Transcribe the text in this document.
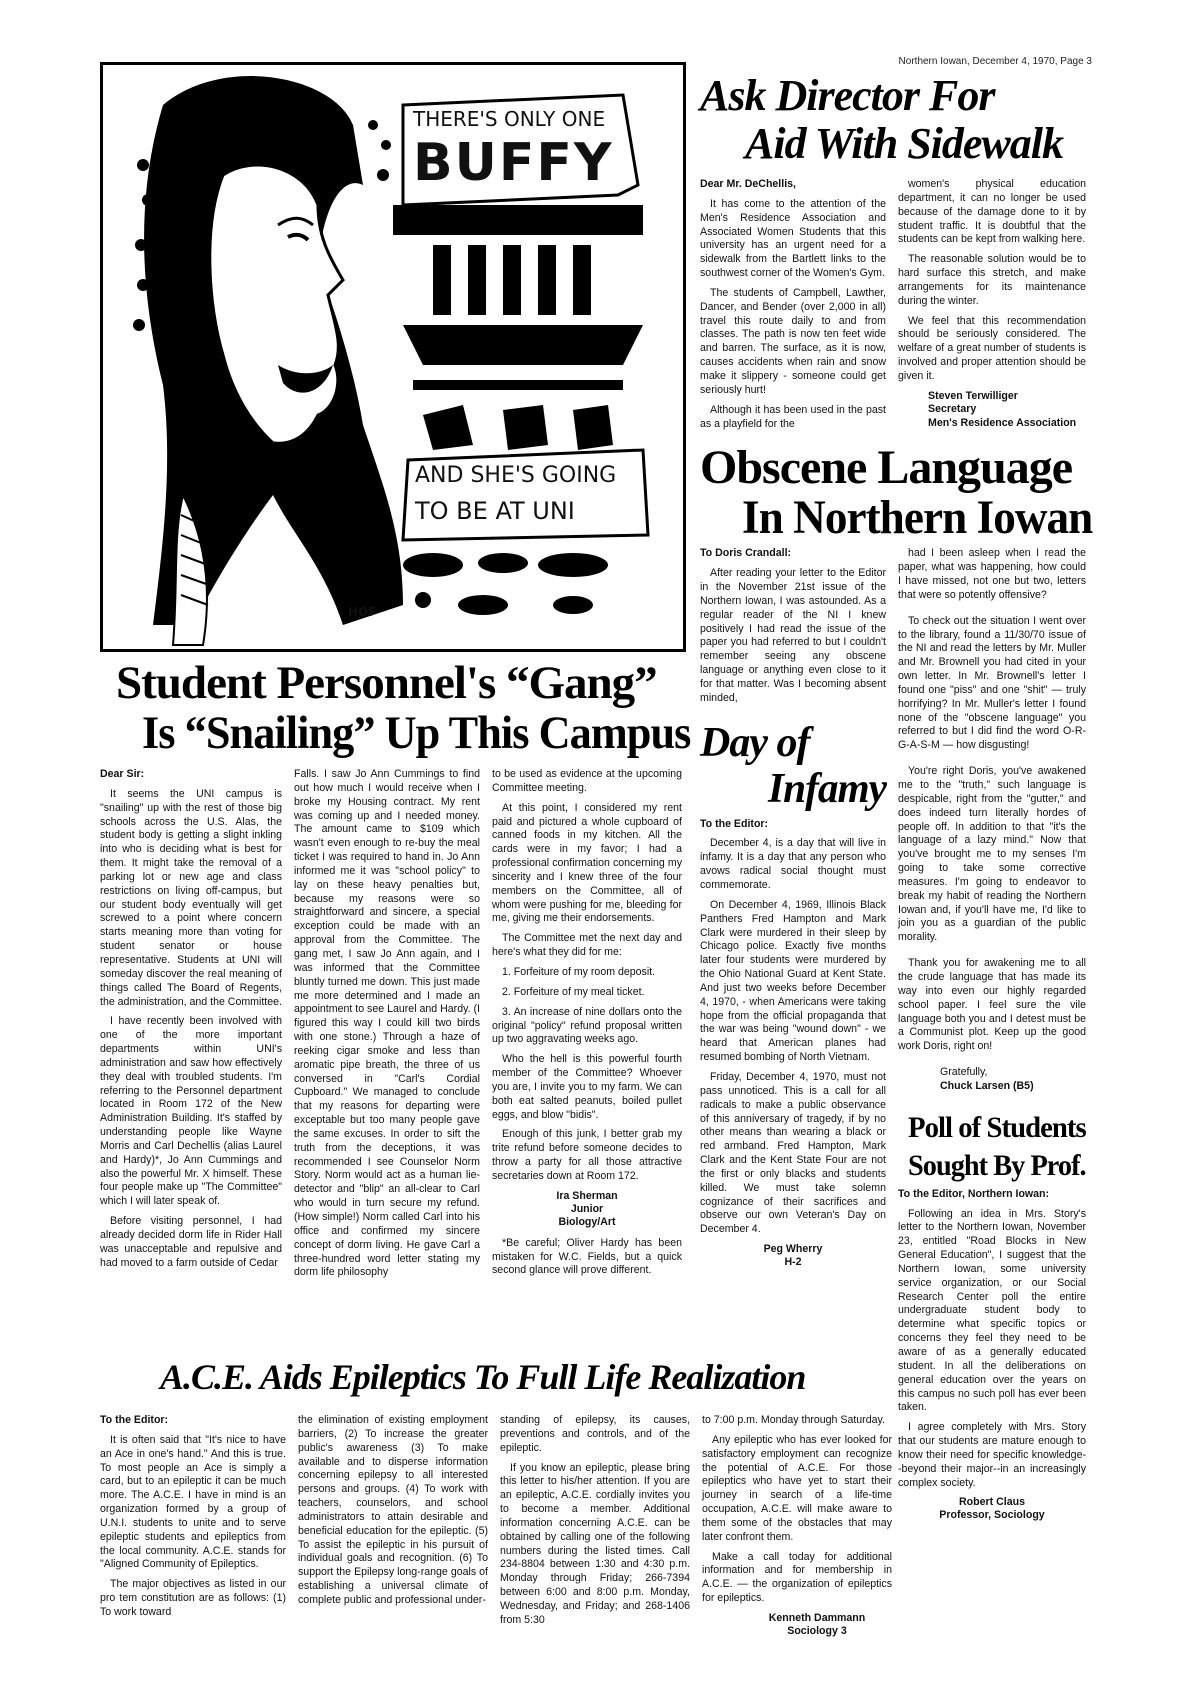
Northern Iowan, December 4, 1970, Page 3
THERE'S ONLY ONE
BUFFY
AND SHE'S GOING
TO BE AT UNI
HOF
Student Personnel's “Gang”
Is “Snailing” Up This Campus

Dear Sir:

It seems the UNI campus is "snailing" up with the rest of those big schools across the U.S. Alas, the student body is getting a slight inkling into who is deciding what is best for them. It might take the removal of a parking lot or new age and class restrictions on living off-campus, but our student body eventually will get screwed to a point where concern starts meaning more than voting for student senator or house representative. Students at UNI will someday discover the real meaning of things called The Board of Regents, the administration, and the Committee.

I have recently been involved with one of the more important departments within UNI's administration and saw how effectively they deal with troubled students. I'm referring to the Personnel department located in Room 172 of the New Administration Building. It's staffed by understanding people like Wayne Morris and Carl Dechellis (alias Laurel and Hardy)*, Jo Ann Cummings and also the powerful Mr. X himself. These four people make up "The Committee" which I will later speak of.

Before visiting personnel, I had already decided dorm life in Rider Hall was unacceptable and repulsive and had moved to a farm outside of Cedar

Falls. I saw Jo Ann Cummings to find out how much I would receive when I broke my Housing contract. My rent was coming up and I needed money. The amount came to $109 which wasn't even enough to re-buy the meal ticket I was required to hand in. Jo Ann informed me it was "school policy" to lay on these heavy penalties but, because my reasons were so straightforward and sincere, a special exception could be made with an approval from the Committee. The gang met, I saw Jo Ann again, and I was informed that the Committee bluntly turned me down. This just made me more determined and I made an appointment to see Laurel and Hardy. (I figured this way I could kill two birds with one stone.) Through a haze of reeking cigar smoke and less than aromatic pipe breath, the three of us conversed in "Carl's Cordial Cupboard." We managed to conclude that my reasons for departing were exceptable but too many people gave the same excuses. In order to sift the truth from the deceptions, it was recommended I see Counselor Norm Story. Norm would act as a human lie-detector and "blip" an all-clear to Carl who would in turn secure my refund. (How simple!) Norm called Carl into his office and confirmed my sincere concept of dorm living. He gave Carl a three-hundred word letter stating my dorm life philosophy

to be used as evidence at the upcoming Committee meeting.

At this point, I considered my rent paid and pictured a whole cupboard of canned foods in my kitchen. All the cards were in my favor; I had a professional confirmation concerning my sincerity and I knew three of the four members on the Committee, all of whom were pushing for me, bleeding for me, giving me their endorsements.

The Committee met the next day and here's what they did for me:

1. Forfeiture of my room deposit.

2. Forfeiture of my meal ticket.

3. An increase of nine dollars onto the original "policy" refund proposal written up two aggravating weeks ago.

Who the hell is this powerful fourth member of the Committee? Whoever you are, I invite you to my farm. We can both eat salted peanuts, boiled pullet eggs, and blow "bidis".

Enough of this junk, I better grab my trite refund before someone decides to throw a party for all those attractive secretaries down at Room 172.

Ira Sherman
Junior
Biology/Art

*Be careful; Oliver Hardy has been mistaken for W.C. Fields, but a quick second glance will prove different.

Ask Director For
Aid With Sidewalk

Dear Mr. DeChellis,

It has come to the attention of the Men's Residence Association and Associated Women Students that this university has an urgent need for a sidewalk from the Bartlett links to the southwest corner of the Women's Gym.

The students of Campbell, Lawther, Dancer, and Bender (over 2,000 in all) travel this route daily to and from classes. The path is now ten feet wide and barren. The surface, as it is now, causes accidents when rain and snow make it slippery - someone could get seriously hurt!

Although it has been used in the past as a playfield for the

women's physical education department, it can no longer be used because of the damage done to it by student traffic. It is doubtful that the students can be kept from walking here.

The reasonable solution would be to hard surface this stretch, and make arrangements for its maintenance during the winter.

We feel that this recommendation should be seriously considered. The welfare of a great number of students is involved and proper attention should be given it.

Steven Terwilliger
Secretary
Men's Residence Association
Obscene Language
In Northern Iowan

To Doris Crandall:

After reading your letter to the Editor in the November 21st issue of the Northern Iowan, I was astounded. As a regular reader of the NI I knew positively I had read the issue of the paper you had referred to but I couldn't remember seeing any obscene language or anything even close to it for that matter. Was I becoming absent minded,

Day of
Infamy

To the Editor:

December 4, is a day that will live in infamy. It is a day that any person who avows radical social thought must commemorate.

On December 4, 1969, Illinois Black Panthers Fred Hampton and Mark Clark were murdered in their sleep by Chicago police. Exactly five months later four students were murdered by the Ohio National Guard at Kent State. And just two weeks before December 4, 1970, - when Americans were taking hope from the official propaganda that the war was being "wound down" - we heard that American planes had resumed bombing of North Vietnam.

Friday, December 4, 1970, must not pass unnoticed. This is a call for all radicals to make a public observance of this anniversary of tragedy, if by no other means than wearing a black or red armband. Fred Hampton, Mark Clark and the Kent State Four are not the first or only blacks and students killed. We must take solemn cognizance of their sacrifices and observe our own Veteran's Day on December 4.

Peg Wherry
H-2

had I been asleep when I read the paper, what was happening, how could I have missed, not one but two, letters that were so potently offensive?

To check out the situation I went over to the library, found a 11/30/70 issue of the NI and read the letters by Mr. Muller and Mr. Brownell you had cited in your own letter. In Mr. Brownell's letter I found one "piss" and one "shit" — truly horrifying? In Mr. Muller's letter I found none of the "obscene language" you referred to but I did find the word O-R-G-A-S-M — how disgusting!

You're right Doris, you've awakened me to the "truth," such language is despicable, right from the "gutter," and does indeed turn literally hordes of people off. In addition to that "it's the language of a lazy mind." Now that you've brought me to my senses I'm going to take some corrective measures. I'm going to endeavor to break my habit of reading the Northern Iowan and, if you'll have me, I'd like to join you as a guardian of the public morality.

Thank you for awakening me to all the crude language that has made its way into even our highly regarded school paper. I feel sure the vile language both you and I detest must be a Communist plot. Keep up the good work Doris, right on!

Gratefully,
Chuck Larsen (B5)
Poll of Students
Sought By Prof.

To the Editor, Northern Iowan:

Following an idea in Mrs. Story's letter to the Northern Iowan, November 23, entitled "Road Blocks in New General Education", I suggest that the Northern Iowan, some university service organization, or our Social Research Center poll the entire undergraduate student body to determine what specific topics or concerns they feel they need to be aware of as a generally educated student. In all the deliberations on general education over the years on this campus no such poll has ever been taken.

I agree completely with Mrs. Story that our students are mature enough to know their need for specific knowledge--beyond their major--in an increasingly complex society.

Robert Claus
Professor, Sociology
A.C.E. Aids Epileptics To Full Life Realization

To the Editor:

It is often said that "It's nice to have an Ace in one's hand." And this is true. To most people an Ace is simply a card, but to an epileptic it can be much more. The A.C.E. I have in mind is an organization formed by a group of U.N.I. students to unite and to serve epileptic students and epileptics from the local community. A.C.E. stands for "Aligned Community of Epileptics.

The major objectives as listed in our pro tem constitution are as follows: (1) To work toward

the elimination of existing employment barriers, (2) To increase the greater public's awareness (3) To make available and to disperse information concerning epilepsy to all interested persons and groups. (4) To work with teachers, counselors, and school administrators to attain desirable and beneficial education for the epileptic. (5) To assist the epileptic in his pursuit of individual goals and recognition. (6) To support the Epilepsy long-range goals of establishing a universal climate of complete public and professional under-

standing of epilepsy, its causes, preventions and controls, and of the epileptic.

If you know an epileptic, please bring this letter to his/her attention. If you are an epileptic, A.C.E. cordially invites you to become a member. Additional information concerning A.C.E. can be obtained by calling one of the following numbers during the listed times. Call 234-8804 between 1:30 and 4:30 p.m. Monday through Friday; 266-7394 between 6:00 and 8:00 p.m. Monday, Wednesday, and Friday; and 268-1406 from 5:30

to 7:00 p.m. Monday through Saturday.

Any epileptic who has ever looked for satisfactory employment can recognize the potential of A.C.E. For those epileptics who have yet to start their journey in search of a life-time occupation, A.C.E. will make aware to them some of the obstacles that may later confront them.

Make a call today for additional information and for membership in A.C.E. — the organization of epileptics for epileptics.

Kenneth Dammann
Sociology 3
